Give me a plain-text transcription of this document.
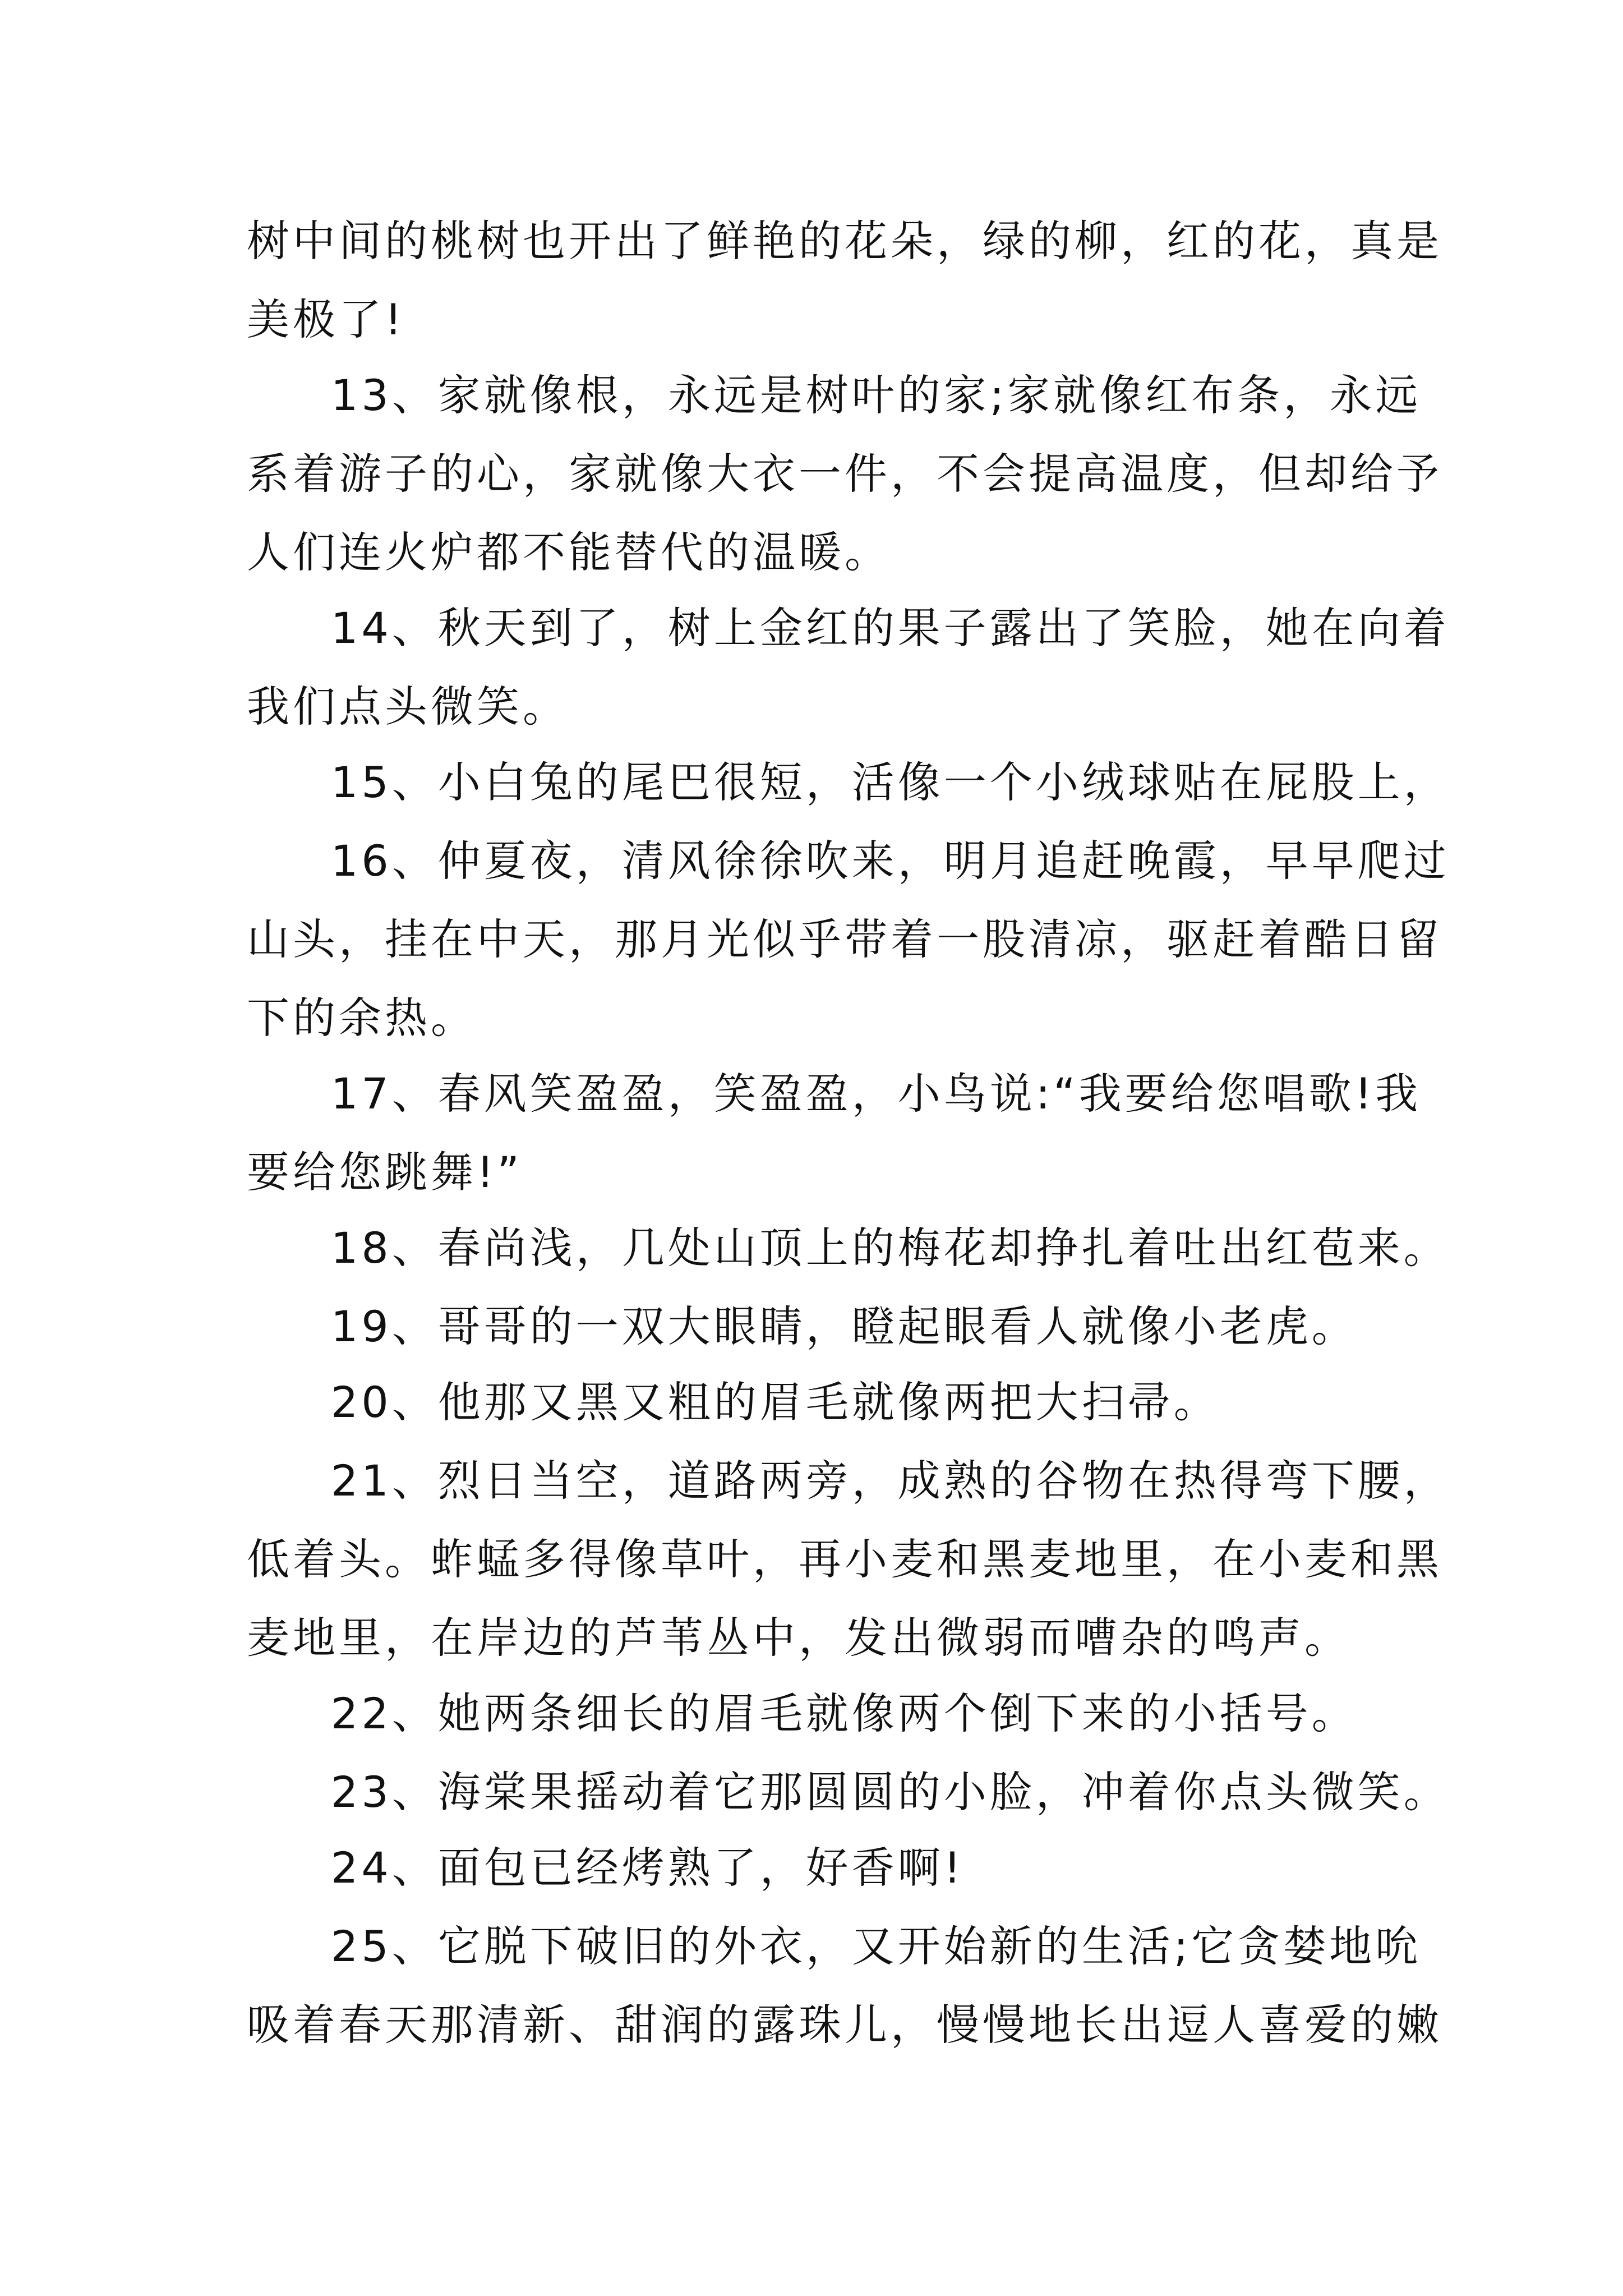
树中间的桃树也开出了鲜艳的花朵，绿的柳，红的花，真是
美极了!
13、家就像根，永远是树叶的家;家就像红布条，永远
系着游子的心，家就像大衣一件，不会提高温度，但却给予
人们连火炉都不能替代的温暖。
14、秋天到了，树上金红的果子露出了笑脸，她在向着
我们点头微笑。
15、小白兔的尾巴很短，活像一个小绒球贴在屁股上，
16、仲夏夜，清风徐徐吹来，明月追赶晚霞，早早爬过
山头，挂在中天，那月光似乎带着一股清凉，驱赶着酷日留
下的余热。
17、春风笑盈盈，笑盈盈，小鸟说:“我要给您唱歌!我
要给您跳舞!”
18、春尚浅，几处山顶上的梅花却挣扎着吐出红苞来。
19、哥哥的一双大眼睛，瞪起眼看人就像小老虎。
20、他那又黑又粗的眉毛就像两把大扫帚。
21、烈日当空，道路两旁，成熟的谷物在热得弯下腰，
低着头。蚱蜢多得像草叶，再小麦和黑麦地里，在小麦和黑
麦地里，在岸边的芦苇丛中，发出微弱而嘈杂的鸣声。
22、她两条细长的眉毛就像两个倒下来的小括号。
23、海棠果摇动着它那圆圆的小脸，冲着你点头微笑。
24、面包已经烤熟了，好香啊!
25、它脱下破旧的外衣，又开始新的生活;它贪婪地吮
吸着春天那清新、甜润的露珠儿，慢慢地长出逗人喜爱的嫩
